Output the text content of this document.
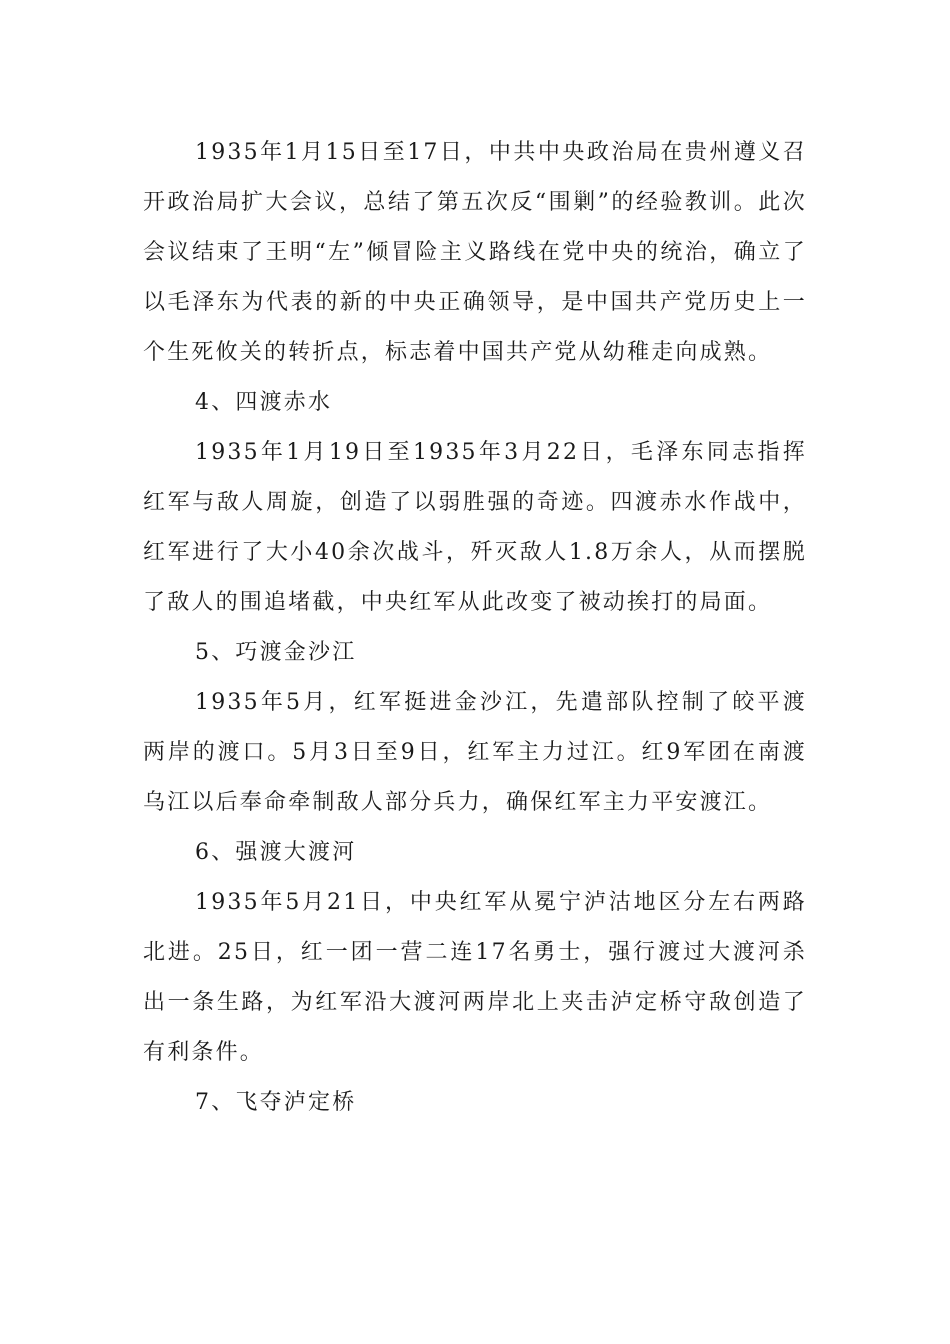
1935年1月15日至17日，中共中央政治局在贵州遵义召开政治局扩大会议，总结了第五次反“围剿”的经验教训。此次会议结束了王明“左”倾冒险主义路线在党中央的统治，确立了以毛泽东为代表的新的中央正确领导，是中国共产党历史上一个生死攸关的转折点，标志着中国共产党从幼稚走向成熟。

4、四渡赤水

1935年1月19日至1935年3月22日，毛泽东同志指挥红军与敌人周旋，创造了以弱胜强的奇迹。四渡赤水作战中，红军进行了大小40余次战斗，歼灭敌人1.8万余人，从而摆脱了敌人的围追堵截，中央红军从此改变了被动挨打的局面。

5、巧渡金沙江

1935年5月，红军挺进金沙江，先遣部队控制了皎平渡两岸的渡口。5月3日至9日，红军主力过江。红9军团在南渡乌江以后奉命牵制敌人部分兵力，确保红军主力平安渡江。

6、强渡大渡河

1935年5月21日，中央红军从冕宁泸沽地区分左右两路北进。25日，红一团一营二连17名勇士，强行渡过大渡河杀出一条生路，为红军沿大渡河两岸北上夹击泸定桥守敌创造了有利条件。

7、飞夺泸定桥
